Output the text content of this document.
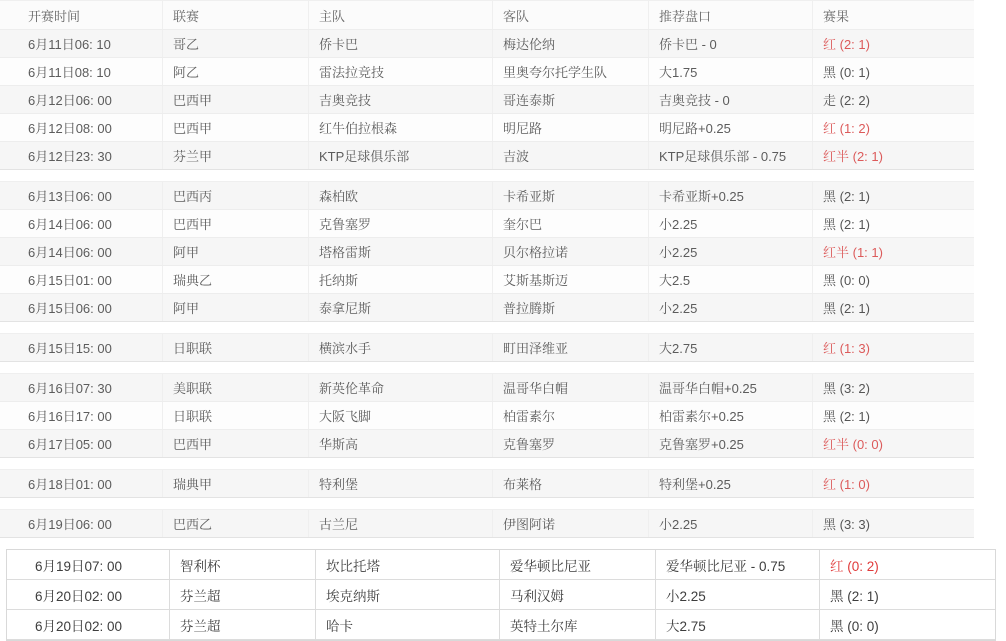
开赛时间	联赛	主队	客队	推荐盘口	赛果
6月11日06: 10	哥乙	侨卡巴	梅达伦纳	侨卡巴 - 0	红 (2: 1)
6月11日08: 10	阿乙	雷法拉竞技	里奥夸尔托学生队	大1.75	黑 (0: 1)
6月12日06: 00	巴西甲	吉奥竞技	哥连泰斯	吉奥竞技 - 0	走 (2: 2)
6月12日08: 00	巴西甲	红牛伯拉根森	明尼路	明尼路+0.25	红 (1: 2)
6月12日23: 30	芬兰甲	KTP足球俱乐部	吉波	KTP足球俱乐部 - 0.75	红半 (2: 1)
6月13日06: 00	巴西丙	森柏欧	卡希亚斯	卡希亚斯+0.25	黑 (2: 1)
6月14日06: 00	巴西甲	克鲁塞罗	奎尔巴	小2.25	黑 (2: 1)
6月14日06: 00	阿甲	塔格雷斯	贝尔格拉诺	小2.25	红半 (1: 1)
6月15日01: 00	瑞典乙	托纳斯	艾斯基斯迈	大2.5	黑 (0: 0)
6月15日06: 00	阿甲	泰拿尼斯	普拉腾斯	小2.25	黑 (2: 1)
6月15日15: 00	日职联	横滨水手	町田泽维亚	大2.75	红 (1: 3)
6月16日07: 30	美职联	新英伦革命	温哥华白帽	温哥华白帽+0.25	黑 (3: 2)
6月16日17: 00	日职联	大阪飞脚	柏雷素尔	柏雷素尔+0.25	黑 (2: 1)
6月17日05: 00	巴西甲	华斯高	克鲁塞罗	克鲁塞罗+0.25	红半 (0: 0)
6月18日01: 00	瑞典甲	特利堡	布莱格	特利堡+0.25	红 (1: 0)
6月19日06: 00	巴西乙	古兰尼	伊图阿诺	小2.25	黑 (3: 3)
6月19日07: 00	智利杯	坎比托塔	爱华顿比尼亚	爱华顿比尼亚 - 0.75	红 (0: 2)
6月20日02: 00	芬兰超	埃克纳斯	马利汉姆	小2.25	黑 (2: 1)
6月20日02: 00	芬兰超	哈卡	英特土尔库	大2.75	黑 (0: 0)
